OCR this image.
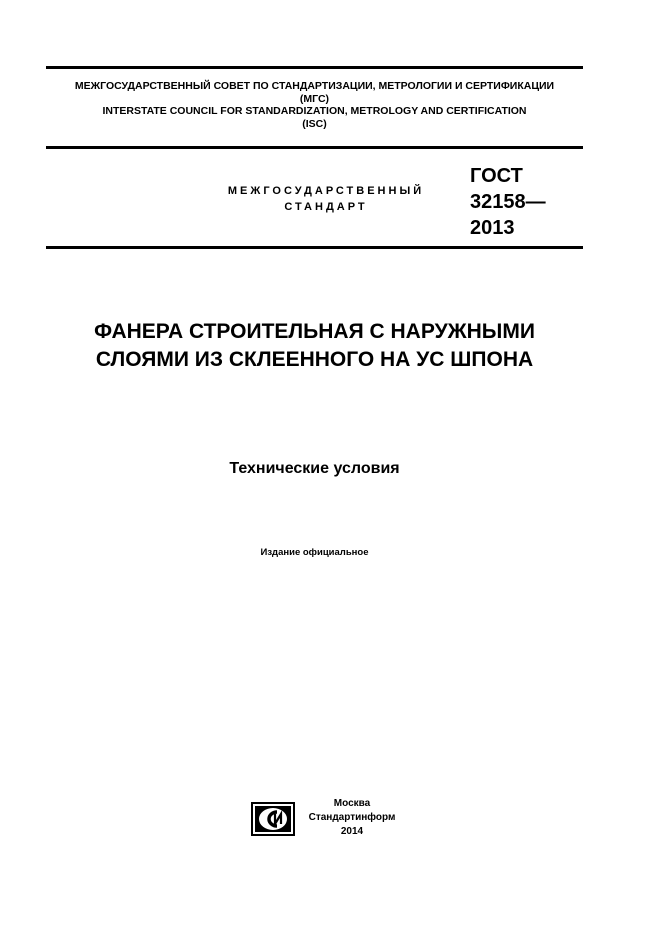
МЕЖГОСУДАРСТВЕННЫЙ СОВЕТ ПО СТАНДАРТИЗАЦИИ, МЕТРОЛОГИИ И СЕРТИФИКАЦИИ
(МГС)
INTERSTATE COUNCIL FOR STANDARDIZATION, METROLOGY AND CERTIFICATION
(ISC)
МЕЖГОСУДАРСТВЕННЫЙ
СТАНДАРТ
ГОСТ
32158—
2013
ФАНЕРА СТРОИТЕЛЬНАЯ С НАРУЖНЫМИ
СЛОЯМИ ИЗ СКЛЕЕННОГО НА УС ШПОНА
Технические условия
Издание официальное
Москва
Стандартинформ
2014
